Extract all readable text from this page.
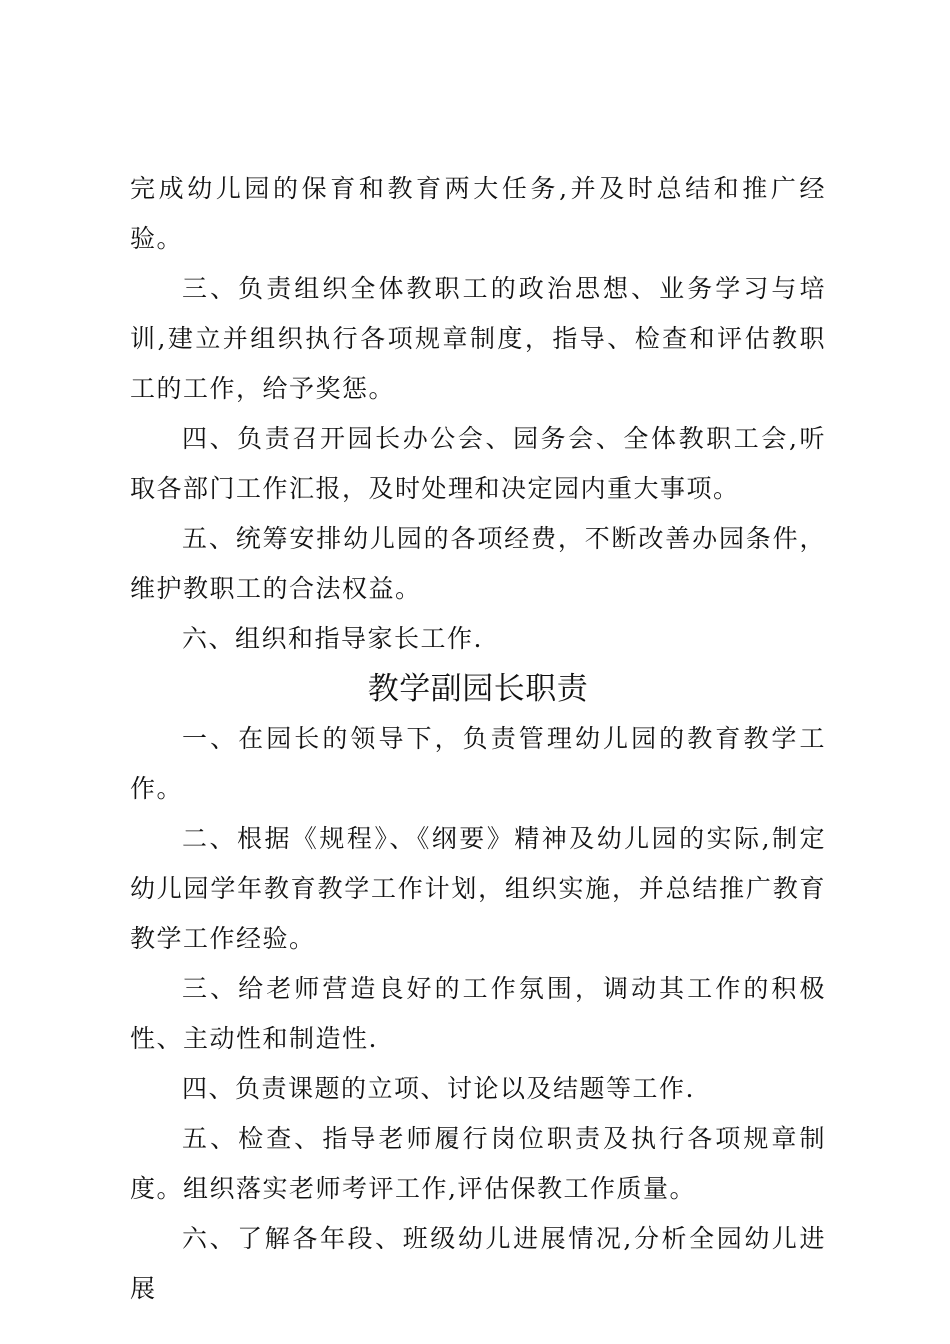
完成幼儿园的保育和教育两大任务,并及时总结和推广经验。

三、负责组织全体教职工的政治思想、业务学习与培训,建立并组织执行各项规章制度，指导、检查和评估教职工的工作，给予奖惩。

四、负责召开园长办公会、园务会、全体教职工会,听取各部门工作汇报，及时处理和决定园内重大事项。

五、统筹安排幼儿园的各项经费，不断改善办园条件，维护教职工的合法权益。

六、组织和指导家长工作.

教学副园长职责

一、在园长的领导下，负责管理幼儿园的教育教学工作。

二、根据《规程》、《纲要》精神及幼儿园的实际,制定幼儿园学年教育教学工作计划，组织实施，并总结推广教育教学工作经验。

三、给老师营造良好的工作氛围，调动其工作的积极性、主动性和制造性.

四、负责课题的立项、讨论以及结题等工作.

五、检查、指导老师履行岗位职责及执行各项规章制度。组织落实老师考评工作,评估保教工作质量。

六、了解各年段、班级幼儿进展情况,分析全园幼儿进展
